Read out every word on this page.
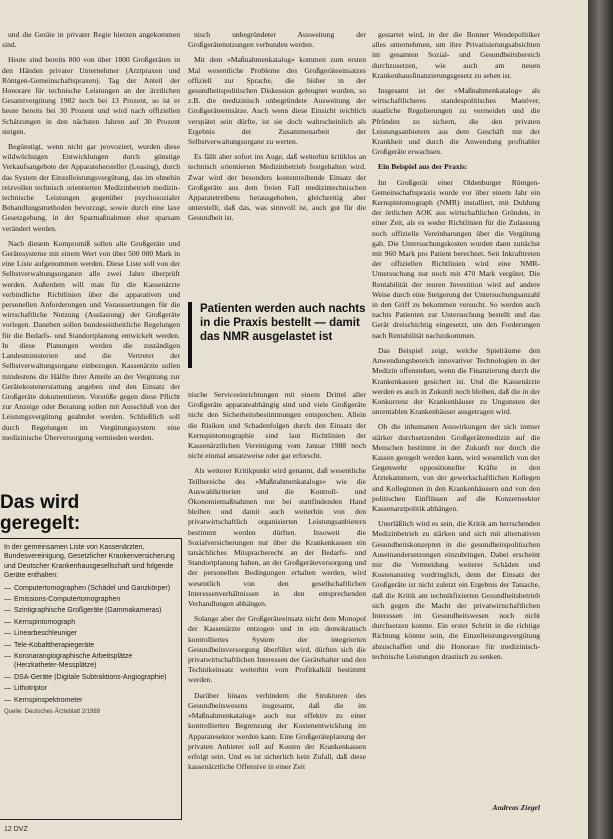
und die Geräte in privater Regie hierzen angekommen sind.

Heute sind bereits 800 von über 1800 Großgeräten in den Händen privater Unternehmer (Arztpraxen und Röntgen-Gemeinschaftspraxen). Tag der Anteil der Honorare für technische Leistungen an der ärztlichen Gesamtvergütung 1982 noch bei 13 Prozent, so ist er heute bereits bei 30 Prozent und wird nach offiziellen Schätzungen in den nächsten Jahren auf 30 Prozent steigen.

Begünstigt, wenn nicht gar provoziert, wurden diese wildwüchsigen Entwicklungen durch günstige Verkaufsangebote der Apparatehersteller (Leasing), durch das System der Einzelleistungsvergütung, das im ohnehin reizvollen technisch orientierten Medizinbetrieb medizin-technische Leistungen gegenüber psychosozialer Behandlungsmethoden bevorzugt, sowie durch eine laxe Gesetzgebung, in der Sparmaßnahmen eher sparsam verändert werden.

Nach diesem Kompromiß sollen alle Großgeräte und Gerätesysteme mit einem Wert von über 500 000 Mark in eine Liste aufgenommen werden. Diese Liste soll von der Selbstverwaltungsorganen alle zwei Jahre überprüft werden. Außerdem will man für die Kassenärzte verbindliche Richtlinien über die apparativen und personellen Anforderungen und Voraussetzungen für die wirtschaftliche Nutzung (Auslastung) der Großgeräte vorlegen. Daneben sollen bundeseinheitliche Regelungen für die Bedarfs- und Standortplanung entwickelt werden. In diese Planungen werden die zuständigen Landesministerien und die Vertreter der Selbstverwaltungsorgane einbezogen. Kassenärzte sollen mindestens die Hälfte ihrer Anteile an der Vergütung zur Gerätekostenerstattung angeben und den Einsatz der Großgeräte dokumentieren. Vorstöße gegen diese Pflicht zur Anzeige oder Beratung sollen mit Ausschluß von der Leistungsvergütung geahndet werden. Schließlich soll durch Regelungen im Vergütungssystem eine medizinische Überversorgung vermieden werden.

Das wird
geregelt:
In der gemeinsamen Liste von Kassenärzten, Bundesvereinigung, Gesetzlicher Krankenversicherung und Deutscher Krankenhausgesellschaft sind folgende Geräte enthalten:
— Computertomographen (Schädel und Ganzkörper)
— Emissions-Computertomographen
— Szintigraphische Großgeräte (Gammakameras)
— Kernspintomograph
— Linearbeschleuniger
— Tele-Kobalttherapiegeräte
— Koronarangiographische Arbeitsplätze (Herzkatheter-Messplätze)
— DSA-Geräte (Digitale Subtraktions-Angiographie)
— Lithotriptor
— Kernspinspektrometer
Quelle: Deutsches Ärzteblatt 2/1988

nisch unbegründeter Ausweitung der Großgerätenutzungen verbunden werden.

Mit dem »Maßnahmenkatalog« kommen zum ersten Mal wesentliche Probleme des Großgeräteeinsatzes offiziell zur Sprache, die bisher in der gesundheitspolitischen Diskussion geleugnet wurden, so z.B. die medizinisch unbegründete Ausweitung der Großgeräteeinsätze. Auch wenn diese Einsicht reichlich verspätet sein dürfte, ist sie doch wahrscheinlich als Ergebnis der Zusammenarbeit der Selbstverwaltungsorgane zu werten.

Es fällt aber sofort ins Auge, daß weiterhin kritiklos an technisch orientierten Medizinbetrieb festgehalten wird. Zwar wird der besonders kostentreibende Einsatz der Großgeräte aus dem freien Fall medizintechnischen Apparatetreibens herausgehoben, gleichzeitig aber unterstellt, daß das, was sinnvoll ist, auch gut für die Gesundheit ist.

Patienten werden auch nachts in die Praxis bestellt — damit das NMR ausgelastet ist

nische Serviceeinrichtungen mit einem Drittel aller Großgeräte apparateabhängig sind und viele Großgeräte nicht den Sicherheitsbestimmungen entsprechen. Allein die Risiken und Schadenfolgen durch den Einsatz der Kernspintomographie sind laut Richtlinien der Kassenärztlichen Vereinigung vom Januar 1988 noch nicht einmal ansatzweise oder gar erforscht.

Als weiterer Kritikpunkt wird genannt, daß wesentliche Teilbereiche des »Maßnahmenkatalogs« wie die Auswahlkriterien und die Kontroll- und Ökonomiemaßnahmen nur bei stattfindenden Hand bleiben und damit auch weiterhin von den privatwirtschaftlich organisierten Leistungsanbietern bestimmt werden dürften. Insoweit die Sozialversicherungen nur über die Krankenkassen ein tatsächliches Mitspracherecht an der Bedarfs- und Standortplanung haben, an der Großgeräteversorgung und der personellen Bedingungen erhalten werden, wird wesentlich von den gesellschaftlichen Interessenverhältnissen in den entsprechenden Verhandlungen abhängen.

Solange aber der Großgeräteeinsatz nicht dem Monopol der Kassenärzte entzogen und in ein demokratisch kontrolliertes System der integrierten Gesundheitsversorgung überführt wird, dürften sich die privatwirtschaftlichen Interessen der Gerätehalter und den Technikeinsatz weiterhin vom Profitkalkül bestimmt werden.

Darüber hinaus verhindern die Strukturen des Gesundheitswesens insgesamt, daß die im »Maßnahmenkatalog« auch nur effektiv zu einer kontrollierten Begrenzung der Kostenentwicklung im Apparatesektor werden kann. Eine Großgeräteplanung der privaten Anbieter soll auf Kosten der Krankenkassen erfolgt sein. Und es ist sicherlich kein Zufall, daß diese kassenärztliche Offensive in einer Zeit

gestartet wird, in der die Bonner Wendepolitiker alles unternehmen, um ihre Privatisierungsabsichten im gesamten Sozial- und Gesundheitsbereich durchzusetzen, wie auch am neuen Krankenhausfinanzierungsgesetz zu sehen ist.

Insgesamt ist der »Maßnahmenkatalog« als wirtschaftlicheres standespolitisches Manöver, staatliche Regulierungen zu vermeiden und die Pfründen zu sichern, die den privaten Leistungsanbietern aus dem Geschäft mit der Krankheit und durch die Anwendung profitabler Großgeräte erwachsen.

Ein Beispiel aus der Praxis:

Im Großgerät einer Oldenburger Röntgen-Gemeinschaftspraxis wurde vor über einem Jahr ein Kernspintomograph (NMR) installiert, mit Duldung der örtlichen AOK aus wirtschaftlichen Gründen, in einer Zeit, als es weder Richtlinien für die Zulassung noch offizielle Vereinbarungen über die Vergütung gab. Die Untersuchungskosten wurden dann zunächst mit 960 Mark pro Patient berechnet. Seit Inkrafttreten der offiziellen Richtlinien wird eine NMR-Untersuchung nur noch mit 470 Mark vergütet. Die Rentabilität der teuren Investition wird auf andere Weise durch eine Steigerung der Untersuchungsanzahl in den Griff zu bekommen versucht. So werden auch nachts Patienten zur Untersuchung bestellt und das Gerät dreischichtig eingesetzt, um den Forderungen nach Rentabilität nachzukommen.

Das Beispiel zeigt, welche Spielräume den Anwendungsbereich innovativer Technologien in der Medizin offenstehen, wenn die Finanzierung durch die Krankenkassen gesichert ist. Und die Kassenärzte werden es auch in Zukunft noch bleiben, daß die in der Konkurrenz der Krankenhäuser zu Ungunsten der unrentablen Krankenhäuser ausgetragen wird.

Ob die inhumanen Auswirkungen der sich immer stärker durchsetzenden Großgerätemedizin auf die Menschen bestimmt in der Zukunft nur durch die Kassen geregelt werden kann, wird wesentlich von der Gegenwehr oppositioneller Kräfte in den Ärztekammern, von der gewerkschaftlichen Kollegen und Kolleginnen in den Krankenhäusern und von den politischen Einflüssen auf die Konzernsektor Kassenarztpolitik abhängen.

Unerläßlich wird es sein, die Kritik am herrschenden Medizinbetrieb zu stärken und sich mit alternativen Gesundheitskonzepten in die gesundheitspolitischen Auseinandersetzungen einzubringen. Dabei erscheint mir die Vermeidung weiterer Schäden und Kostenanstieg vordringlich, denn der Einsatz der Großgeräte ist nicht zuletzt ein Ergebnis der Tatsache, daß die Kritik am technikfixierten Gesundheitsbetrieb sich gegen die Macht der privatwirtschaftlichen Interessen im Gesundheitswesen noch nicht durchsetzen konnte. Ein erster Schritt in die richtige Richtung könnte sein, die Einzelleistungsvergütung abzuschaffen und die Honorare für medizinisch-technische Leistungen drastisch zu senken.

Andreas Ziegel
12 DVZ
